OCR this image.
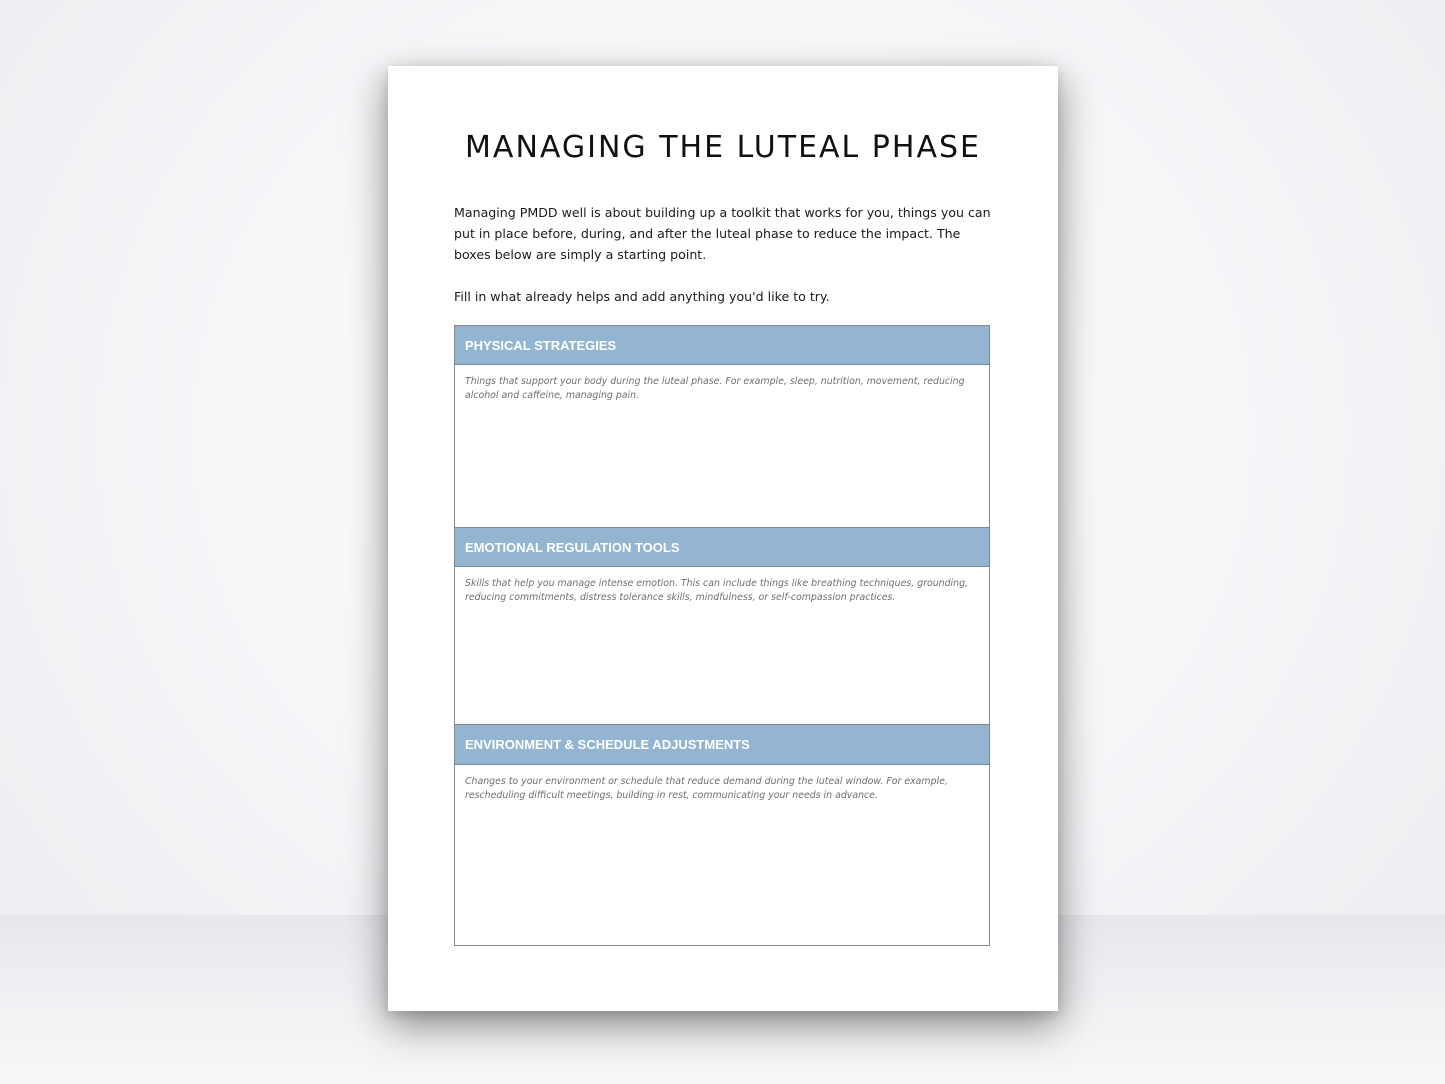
MANAGING THE LUTEAL PHASE

Managing PMDD well is about building up a toolkit that works for you, things you can put in place before, during, and after the luteal phase to reduce the impact. The boxes below are simply a starting point.

Fill in what already helps and add anything you'd like to try.

PHYSICAL STRATEGIES

Things that support your body during the luteal phase. For example, sleep, nutrition, movement, reducing alcohol and caffeine, managing pain.

EMOTIONAL REGULATION TOOLS

Skills that help you manage intense emotion. This can include things like breathing techniques, grounding, reducing commitments, distress tolerance skills, mindfulness, or self-compassion practices.

ENVIRONMENT & SCHEDULE ADJUSTMENTS

Changes to your environment or schedule that reduce demand during the luteal window. For example, rescheduling difficult meetings, building in rest, communicating your needs in advance.
